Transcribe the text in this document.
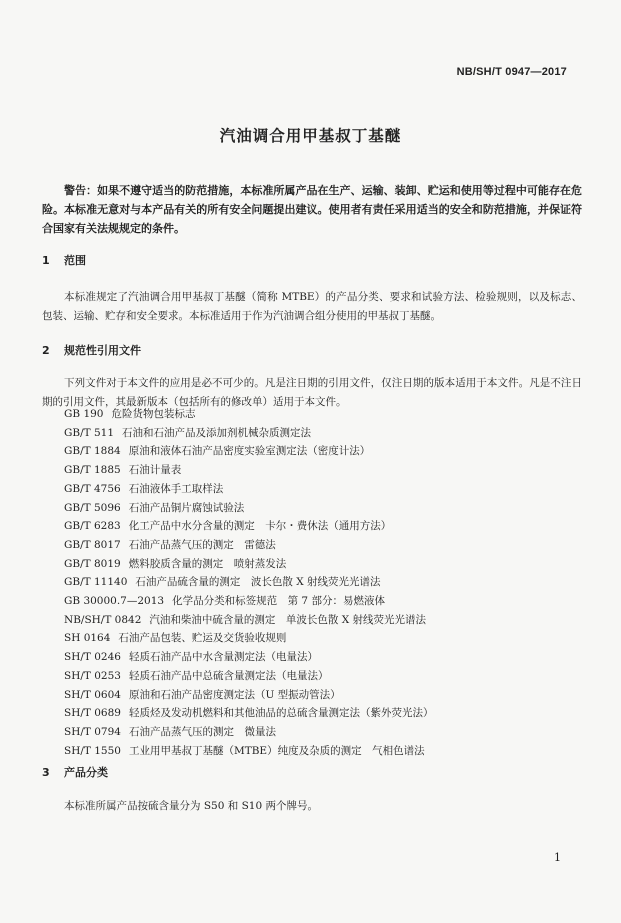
NB/SH/T 0947—2017
汽油调合用甲基叔丁基醚
警告：如果不遵守适当的防范措施，本标准所属产品在生产、运输、装卸、贮运和使用等过程中可能存在危险。本标准无意对与本产品有关的所有安全问题提出建议。使用者有责任采用适当的安全和防范措施，并保证符合国家有关法规规定的条件。
1 范围
本标准规定了汽油调合用甲基叔丁基醚（简称 MTBE）的产品分类、要求和试验方法、检验规则，以及标志、包装、运输、贮存和安全要求。本标准适用于作为汽油调合组分使用的甲基叔丁基醚。
2 规范性引用文件
下列文件对于本文件的应用是必不可少的。凡是注日期的引用文件，仅注日期的版本适用于本文件。凡是不注日期的引用文件，其最新版本（包括所有的修改单）适用于本文件。
GB 190 危险货物包装标志
GB/T 511 石油和石油产品及添加剂机械杂质测定法
GB/T 1884 原油和液体石油产品密度实验室测定法（密度计法）
GB/T 1885 石油计量表
GB/T 4756 石油液体手工取样法
GB/T 5096 石油产品铜片腐蚀试验法
GB/T 6283 化工产品中水分含量的测定　卡尔・费休法（通用方法）
GB/T 8017 石油产品蒸气压的测定　雷德法
GB/T 8019 燃料胶质含量的测定　喷射蒸发法
GB/T 11140 石油产品硫含量的测定　波长色散 X 射线荧光光谱法
GB 30000.7—2013 化学品分类和标签规范　第 7 部分：易燃液体
NB/SH/T 0842 汽油和柴油中硫含量的测定　单波长色散 X 射线荧光光谱法
SH 0164 石油产品包装、贮运及交货验收规则
SH/T 0246 轻质石油产品中水含量测定法（电量法）
SH/T 0253 轻质石油产品中总硫含量测定法（电量法）
SH/T 0604 原油和石油产品密度测定法（U 型振动管法）
SH/T 0689 轻质烃及发动机燃料和其他油品的总硫含量测定法（紫外荧光法）
SH/T 0794 石油产品蒸气压的测定　微量法
SH/T 1550 工业用甲基叔丁基醚（MTBE）纯度及杂质的测定　气相色谱法
3 产品分类
本标准所属产品按硫含量分为 S50 和 S10 两个牌号。
1
